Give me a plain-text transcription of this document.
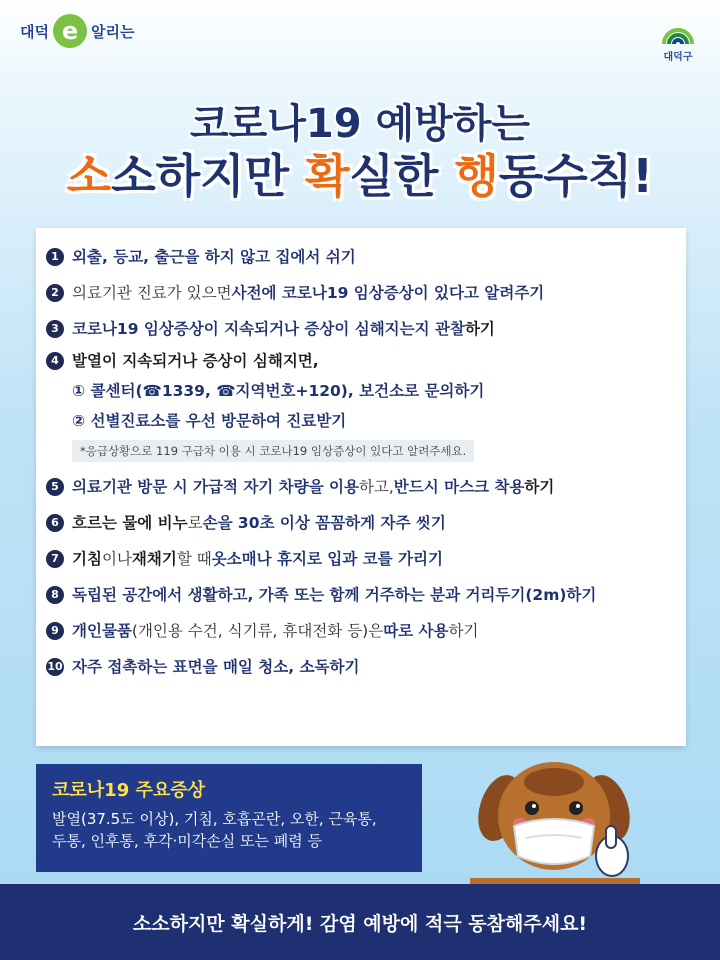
대덕 e 알리는
대덕구
코로나19 예방하는
소소하지만 확실한 행동수칙!
1 외출, 등교, 출근을 하지 않고 집에서 쉬기
2 의료기관 진료가 있으면 사전에 코로나19 임상증상이 있다고 알려주기
3 코로나19 임상증상이 지속되거나 증상이 심해지는지 관찰 하기
4 발열이 지속되거나 증상이 심해지면,
① 콜센터(☎1339, ☎지역번호+120), 보건소로 문의하기
② 선별진료소를 우선 방문하여 진료받기
*응급상황으로 119 구급차 이용 시 코로나19 임상증상이 있다고 알려주세요.
5 의료기관 방문 시 가급적 자기 차량을 이용 하고, 반드시 마스크 착용 하기
6 흐르는 물에 비누 로 손을 30초 이상 꼼꼼하게 자주 씻기
7 기침 이나 재채기 할 때 옷소매나 휴지로 입과 코를 가리기
8 독립된 공간에서 생활하고, 가족 또는 함께 거주하는 분과 거리두기(2m)하기
9 개인물품 (개인용 수건, 식기류, 휴대전화 등)은 따로 사용 하기
10 자주 접촉하는 표면을 매일 청소, 소독하기
코로나19 주요증상
발열(37.5도 이상), 기침, 호흡곤란, 오한, 근육통,
두통, 인후통, 후각·미각손실 또는 폐렴 등
소소하지만 확실하게! 감염 예방에 적극 동참해주세요!
